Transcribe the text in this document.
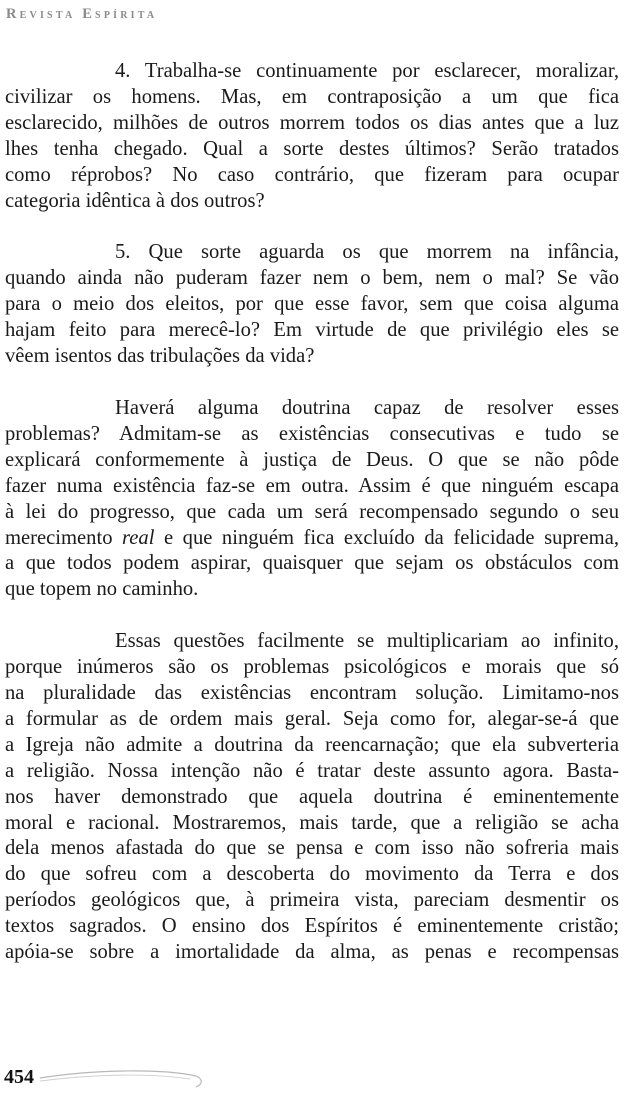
Revista Espírita

4. Trabalha-se continuamente por esclarecer, moralizar,
civilizar os homens. Mas, em contraposição a um que fica
esclarecido, milhões de outros morrem todos os dias antes que a luz
lhes tenha chegado. Qual a sorte destes últimos? Serão tratados
como réprobos? No caso contrário, que fizeram para ocupar
categoria idêntica à dos outros?

5. Que sorte aguarda os que morrem na infância,
quando ainda não puderam fazer nem o bem, nem o mal? Se vão
para o meio dos eleitos, por que esse favor, sem que coisa alguma
hajam feito para merecê-lo? Em virtude de que privilégio eles se
vêem isentos das tribulações da vida?

Haverá alguma doutrina capaz de resolver esses
problemas? Admitam-se as existências consecutivas e tudo se
explicará conformemente à justiça de Deus. O que se não pôde
fazer numa existência faz-se em outra. Assim é que ninguém escapa
à lei do progresso, que cada um será recompensado segundo o seu
merecimento real e que ninguém fica excluído da felicidade suprema,
a que todos podem aspirar, quaisquer que sejam os obstáculos com
que topem no caminho.

Essas questões facilmente se multiplicariam ao infinito,
porque inúmeros são os problemas psicológicos e morais que só
na pluralidade das existências encontram solução. Limitamo-nos
a formular as de ordem mais geral. Seja como for, alegar-se-á que
a Igreja não admite a doutrina da reencarnação; que ela subverteria
a religião. Nossa intenção não é tratar deste assunto agora. Basta-
nos haver demonstrado que aquela doutrina é eminentemente
moral e racional. Mostraremos, mais tarde, que a religião se acha
dela menos afastada do que se pensa e com isso não sofreria mais
do que sofreu com a descoberta do movimento da Terra e dos
períodos geológicos que, à primeira vista, pareciam desmentir os
textos sagrados. O ensino dos Espíritos é eminentemente cristão;
apóia-se sobre a imortalidade da alma, as penas e recompensas

454
